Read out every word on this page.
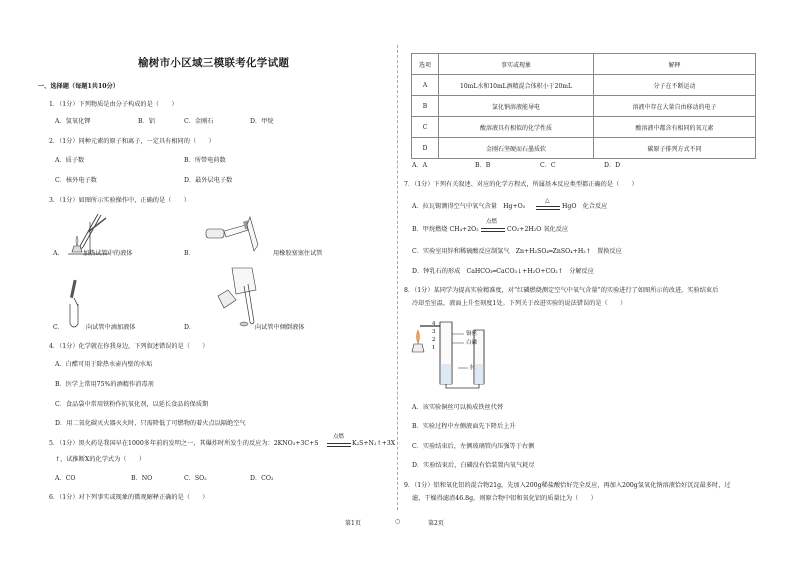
榆树市小区域三模联考化学试题
一、选择题（每题1共10分）
1．（1分）下列物质是由分子构成的是（　　）
A．氢氧化钾	B．铝	C．金刚石	D．甲烷
2．（1分）同种元素的原子和离子，一定具有相同的（　　）
A．质子数	B．所带电荷数
C．核外电子数	D．最外层电子数
3．（1分）如图所示实验操作中，正确的是（　　）
A．	加热试管中的液体	B．	用橡胶塞塞住试管
C．	向试管中滴加液体	D．	向试管中倾倒液体
4．（1分）化学就在你我身边，下列叙述错误的是（　　）
A．白醋可用于除热水壶内壁的水垢
B．医学上常用75%的酒精作消毒剂
C．食品袋中常用铁粉作抗氧化剂，以延长食品的保质期
D．用二氧化碳灭火器灭火时，只需降低了可燃物的着火点以隔绝空气
5．（1分）黑火药是我国早在1000多年前的发明之一，其爆炸时所发生的反应为：2KNO₃+3C+S
点燃
K₂S+N₂↑+3X
↑，试推断X的化学式为（　　）
A．CO	B．NO	C．SO₂	D．CO₂
6．（1分）对下列事实或现象的微观解释正确的是（　　）
选项	事实或现象	解释
A	10mL水和10mL酒精混合体积小于20mL	分子在不断运动
B	氯化钠溶液能导电	溶液中存在大量自由移动的电子
C	酸溶液具有相似的化学性质	酸溶液中都含有相同的氧元素
D	金刚石坚硬而石墨质软	碳原子排列方式不同
A．A	B．B	C．C	D．D
7．（1分）下列有关叙述、对应的化学方程式，所属基本反应类型都正确的是（　　）
A．拉瓦锡测得空气中氧气含量　Hg+O₂
△
HgO　化合反应
B．甲烷燃烧 CH₄+2O₂
点燃
CO₂+2H₂O 氧化反应
C．实验室用锌和稀硫酸反应制氢气　Zn+H₂SO₄═ZnSO₄+H₂↑　置换反应
D．钟乳石的形成　CaHCO₃═CaCO₃↓+H₂O+CO₂↑　分解反应
8．（1分）某同学为提高实验精准度，对“红磷燃烧测定空气中氧气含量”的实验进行了如图所示的改进。实验结束后
冷却至室温，液面上升至刻度1处。下列关于改进实验的说法错误的是（　　）
4
3
2
1
铜丝
白磷
水
A．该实验铜丝可以换成铁丝代替
B．实验过程中左侧液面先下降后上升
C．实验结束后，左侧玻璃管内压强等于右侧
D．实验结束后，白磷没有恰装置内氧气耗尽
9．（1分）铝和氧化铝的混合物21g，先加入200g稀盐酸恰好完全反应，再加入200g氢氧化钠溶液恰好沉淀最多时，过
滤，干燥得滤渣46.8g，则原合物中铝和氧化铝的质量比为（　　）
第1页	○	第2页
